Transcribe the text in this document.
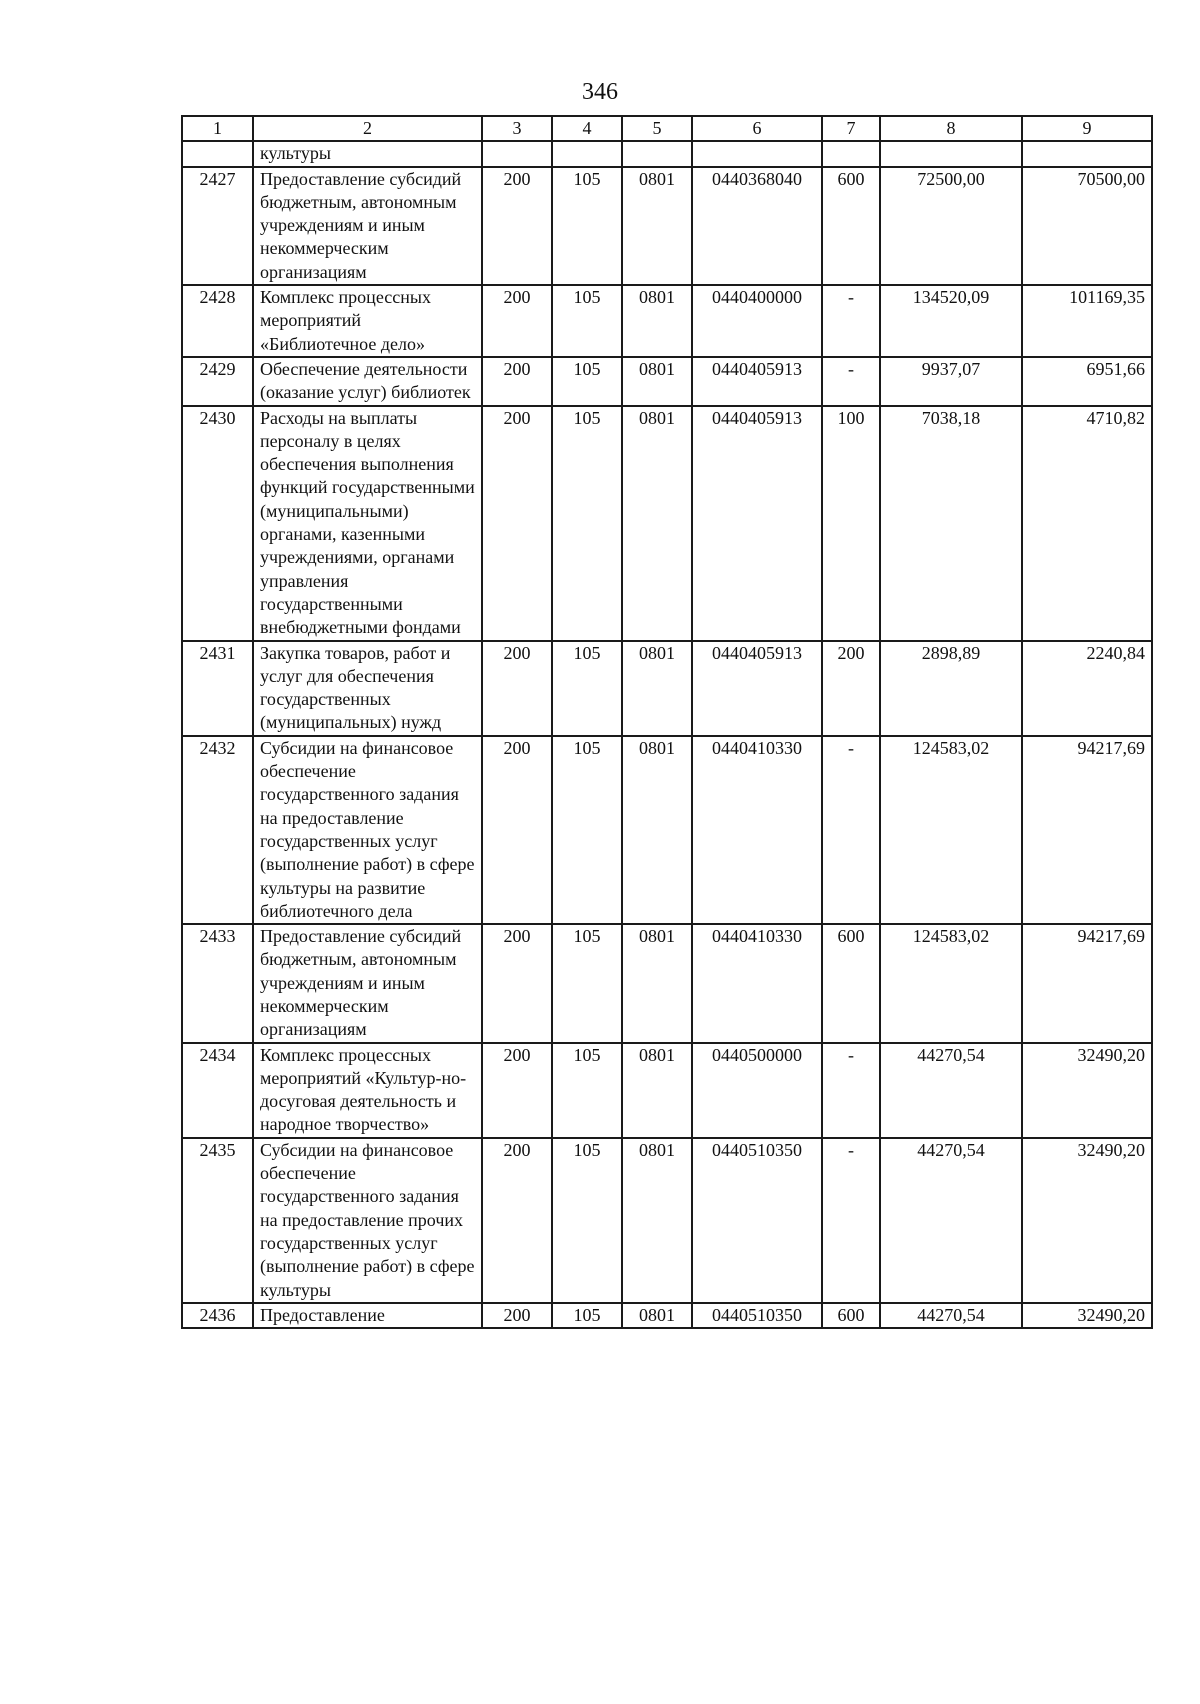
346
1	2	3	4	5	6	7	8	9
	культуры							
2427	Предоставление субсидий бюджетным, автономным учреждениям и иным некоммерческим организациям	200	105	0801	0440368040	600	72500,00	70500,00
2428	Комплекс процессных мероприятий «Библиотечное дело»	200	105	0801	0440400000	-	134520,09	101169,35
2429	Обеспечение деятельности (оказание услуг) библиотек	200	105	0801	0440405913	-	9937,07	6951,66
2430	Расходы на выплаты персоналу в целях обеспечения выполнения функций государственными (муниципальными) органами, казенными учреждениями, органами управления государственными внебюджетными фондами	200	105	0801	0440405913	100	7038,18	4710,82
2431	Закупка товаров, работ и услуг для обеспечения государственных (муниципальных) нужд	200	105	0801	0440405913	200	2898,89	2240,84
2432	Субсидии на финансовое обеспечение государственного задания на предоставление государственных услуг (выполнение работ) в сфере культуры на развитие библиотечного дела	200	105	0801	0440410330	-	124583,02	94217,69
2433	Предоставление субсидий бюджетным, автономным учреждениям и иным некоммерческим организациям	200	105	0801	0440410330	600	124583,02	94217,69
2434	Комплекс процессных мероприятий «Культур-но-досуговая деятельность и народное творчество»	200	105	0801	0440500000	-	44270,54	32490,20
2435	Субсидии на финансовое обеспечение государственного задания на предоставление прочих государственных услуг (выполнение работ) в сфере культуры	200	105	0801	0440510350	-	44270,54	32490,20
2436	Предоставление	200	105	0801	0440510350	600	44270,54	32490,20
